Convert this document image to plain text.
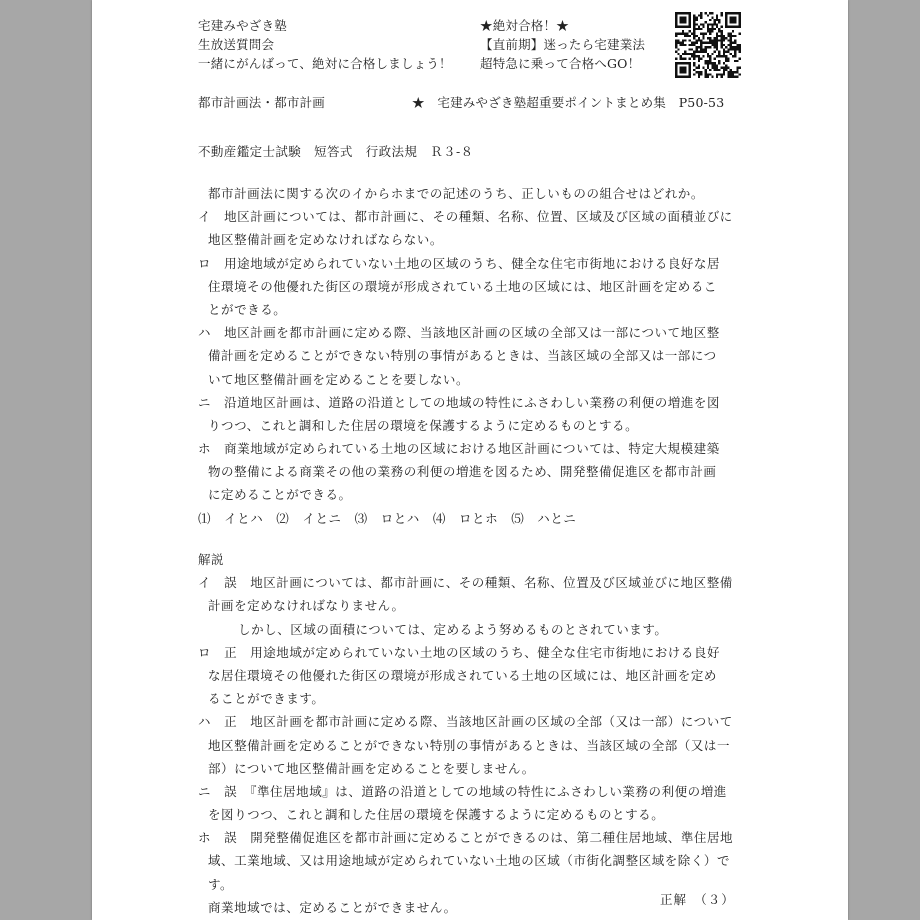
宅建みやざき塾
生放送質問会
一緒にがんばって、絶対に合格しましょう！
★絶対合格！★
【直前期】迷ったら宅建業法
超特急に乗って合格へGO！
都市計画法・都市計画	★　宅建みやざき塾超重要ポイントまとめ集　P50-53
不動産鑑定士試験　短答式　行政法規　Ｒ３-８
都市計画法に関する次のイからホまでの記述のうち、正しいものの組合せはどれか。
イ　地区計画については、都市計画に、その種類、名称、位置、区域及び区域の面積並びに
地区整備計画を定めなければならない。
ロ　用途地域が定められていない土地の区域のうち、健全な住宅市街地における良好な居
住環境その他優れた街区の環境が形成されている土地の区域には、地区計画を定めるこ
とができる。
ハ　地区計画を都市計画に定める際、当該地区計画の区域の全部又は一部について地区整
備計画を定めることができない特別の事情があるときは、当該区域の全部又は一部につ
いて地区整備計画を定めることを要しない。
ニ　沿道地区計画は、道路の沿道としての地域の特性にふさわしい業務の利便の増進を図
りつつ、これと調和した住居の環境を保護するように定めるものとする。
ホ　商業地域が定められている土地の区域における地区計画については、特定大規模建築
物の整備による商業その他の業務の利便の増進を図るため、開発整備促進区を都市計画
に定めることができる。
⑴　イとハ　⑵　イとニ　⑶　ロとハ　⑷　ロとホ　⑸　ハとニ
解説
イ　誤　地区計画については、都市計画に、その種類、名称、位置及び区域並びに地区整備
計画を定めなければなりません。
　しかし、区域の面積については、定めるよう努めるものとされています。
ロ　正　用途地域が定められていない土地の区域のうち、健全な住宅市街地における良好
な居住環境その他優れた街区の環境が形成されている土地の区域には、地区計画を定め
ることができます。
ハ　正　地区計画を都市計画に定める際、当該地区計画の区域の全部（又は一部）について
地区整備計画を定めることができない特別の事情があるときは、当該区域の全部（又は一
部）について地区整備計画を定めることを要しません。
ニ　誤　『準住居地域』は、道路の沿道としての地域の特性にふさわしい業務の利便の増進
を図りつつ、これと調和した住居の環境を保護するように定めるものとする。
ホ　誤　開発整備促進区を都市計画に定めることができるのは、第二種住居地域、準住居地
域、工業地域、又は用途地域が定められていない土地の区域（市街化調整区域を除く）で
す。
商業地域では、定めることができません。
正解　（３）
